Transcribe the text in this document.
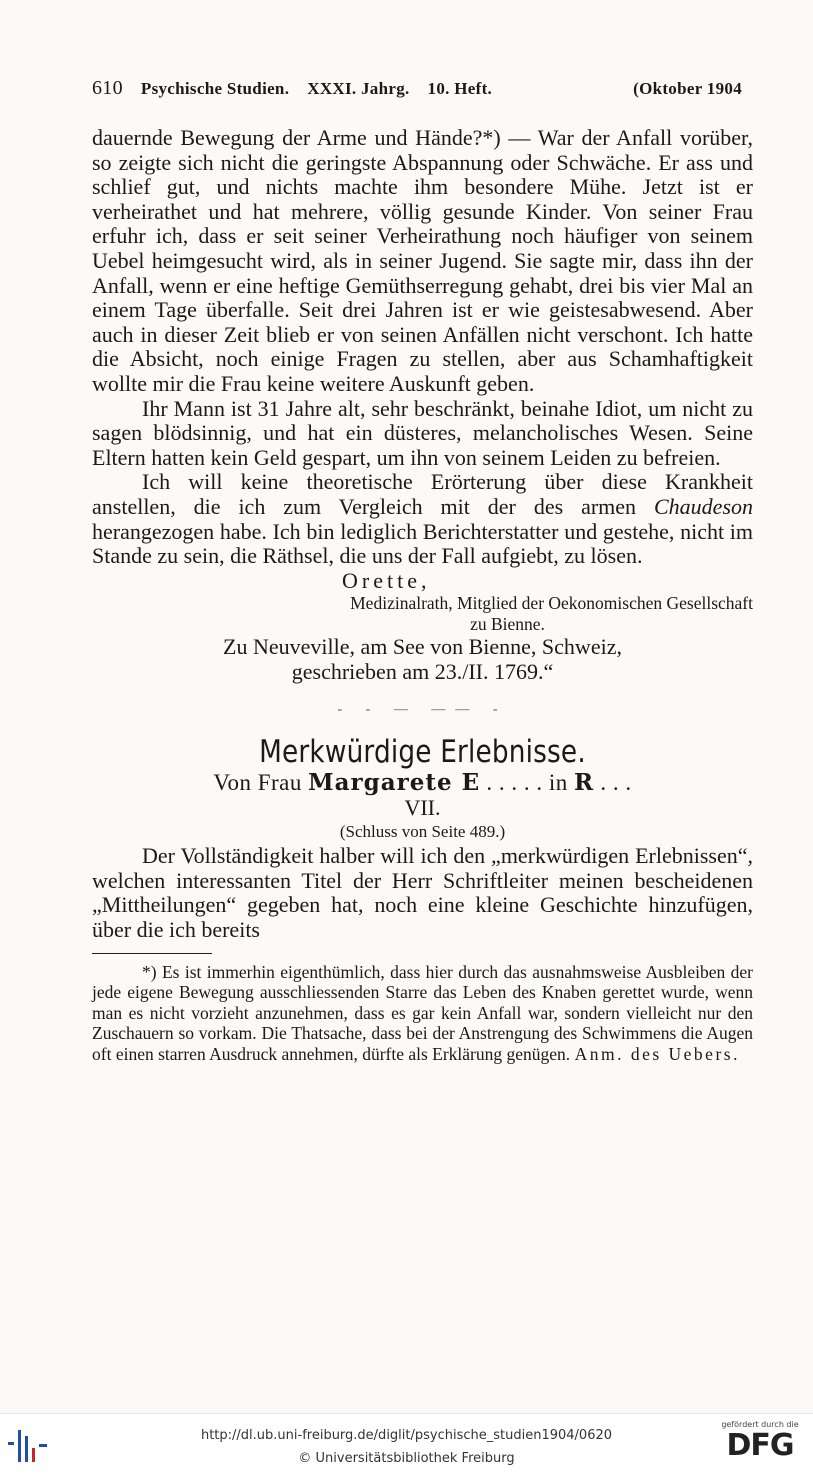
610 Psychische Studien. XXXI. Jahrg. 10. Heft.	(Oktober 1904

dauernde Bewegung der Arme und Hände?*) — War der Anfall vorüber, so zeigte sich nicht die geringste Abspannung oder Schwäche. Er ass und schlief gut, und nichts machte ihm besondere Mühe. Jetzt ist er verheirathet und hat mehrere, völlig gesunde Kinder. Von seiner Frau erfuhr ich, dass er seit seiner Verheirathung noch häufiger von seinem Uebel heimgesucht wird, als in seiner Jugend. Sie sagte mir, dass ihn der Anfall, wenn er eine heftige Gemüthserregung gehabt, drei bis vier Mal an einem Tage überfalle. Seit drei Jahren ist er wie geistesabwesend. Aber auch in dieser Zeit blieb er von seinen Anfällen nicht verschont. Ich hatte die Absicht, noch einige Fragen zu stellen, aber aus Schamhaftigkeit wollte mir die Frau keine weitere Auskunft geben.

Ihr Mann ist 31 Jahre alt, sehr beschränkt, beinahe Idiot, um nicht zu sagen blödsinnig, und hat ein düsteres, melancholisches Wesen. Seine Eltern hatten kein Geld gespart, um ihn von seinem Leiden zu befreien.

Ich will keine theoretische Erörterung über diese Krankheit anstellen, die ich zum Vergleich mit der des armen Chaudeson herangezogen habe. Ich bin lediglich Berichterstatter und gestehe, nicht im Stande zu sein, die Räthsel, die uns der Fall aufgiebt, zu lösen.

Orette,

Medizinalrath, Mitglied der Oekonomischen Gesellschaft

zu Bienne.

Zu Neuveville, am See von Bienne, Schweiz,

geschrieben am 23./II. 1769.“

- - — —— -
Merkwürdige Erlebnisse.
Von Frau Margarete E . . . . . in R . . .
VII.
(Schluss von Seite 489.)

Der Vollständigkeit halber will ich den „merkwürdigen Erlebnissen“, welchen interessanten Titel der Herr Schriftleiter meinen bescheidenen „Mittheilungen“ gegeben hat, noch eine kleine Geschichte hinzufügen, über die ich bereits

*) Es ist immerhin eigenthümlich, dass hier durch das ausnahmsweise Ausbleiben der jede eigene Bewegung ausschliessenden Starre das Leben des Knaben gerettet wurde, wenn man es nicht vorzieht anzunehmen, dass es gar kein Anfall war, sondern vielleicht nur den Zuschauern so vorkam. Die Thatsache, dass bei der Anstrengung des Schwimmens die Augen oft einen starren Ausdruck annehmen, dürfte als Erklärung genügen. Anm. des Uebers.

http://dl.ub.uni-freiburg.de/diglit/psychische_studien1904/0620
© Universitätsbibliothek Freiburg
gefördert durch die
DFG
